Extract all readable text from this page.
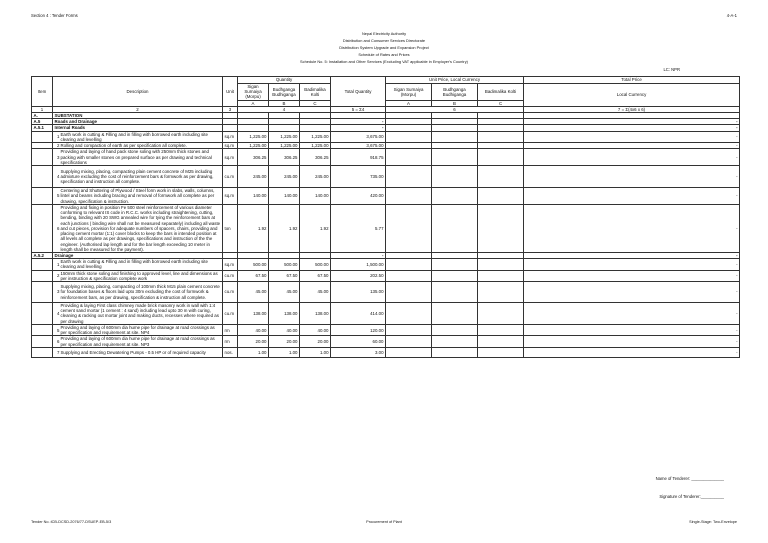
Section 4 : Tender Forms	4-A-1
Nepal Electricity Authority
Distribution and Consumer Services Directorate
Distribution System Upgrade and Expansion Project
Schedule of Rates and Prices
Schedule No. 5: Installation and Other Services (Excluding VAT applicable in Employer's Country)
LC: NPR
Item	Description	Unit	Quantity			Total Quantity	Unit Price, Local Currency			Total Price
			Sigan Surnaiya (Morpu)	Budhganga Budhiganga	Badimalika Kolti		Sigan Surnaiya (Morpu)	Budhganga Budhiganga	Badimalika Kolti	Local Currency
			A	B	C		A	B	C	
1	2	3	4			5 = Σ4	6			7 = Σ(4x6 x 6)
A.	SUBSTATION									
A.5	Roads and Drainage					-				-
A.5.1	Internal Roads					-				-
	1Earth work in cutting & Filling and in filling with borrowed earth including site clearing and levelling	sq.m	1,225.00	1,225.00	1,225.00	3,675.00				-
	2Rolling and compaction of earth as per specification all complete.	sq.m	1,225.00	1,225.00	1,225.00	3,675.00				-
	3Providing and laying of hand pack stone soling with 250mm thick stones and packing with smaller stones on prepared surface as per drawing and technical specifications	sq.m	306.25	306.25	306.25	918.75				-
	4Supplying mixing, placing, compacting plain cement concrete of M25 including admixture excluding the cost of reinforcement bars & formwork as per drawing, specification and instruction all complete.	cu.m	245.00	245.00	245.00	735.00				-
	5Centering and Shuttering of Plywood / Steel form work in slabs, walls, columns, lintel and beams including bracing and removal of formwork all complete as per drawing, specification & instruction.	sq.m	140.00	140.00	140.00	420.00				-
	6Providing and fixing in position Fe 500 steel reinforcement of various diameter conforming to relevant IS code in R.C.C. works including straightening, cutting, bending, binding with 20 SWG annealed wire for tying the reinforcement bars at each junctions ( binding wire shall not be measured separately) including all waste and cut pieces, provision for adequate numbers of spacers, chairs, providing and placing cement mortar (1:1) cover blocks to keep the bars in intended position at all levels all complete as per drawings, specifications and instruction of the the engineer. (Authorised lap length and for the bar length exceeding 10 meter in length shall be measured for the payment).	ton	1.92	1.92	1.92	5.77				-
A.5.2	Drainage					-				-
	1Earth work in cutting & Filling and in filling with borrowed earth including site clearing and levelling	sq.m	500.00	500.00	500.00	1,500.00				-
	2150mm thick stone soling and finishing to approved level, line and dimensions as per instruction & specification complete work	cu.m	67.50	67.50	67.50	202.50				-
	3Supplying mixing, placing, compacting of 100mm thick M15 plain cement concrete for foundation bases & floors laid upto 30m excluding the cost of formwork & reinforcement bars, as per drawing, specification & instruction all complete.	cu.m	45.00	45.00	45.00	135.00				-
	4Providing & laying First class chimney made brick masonry work in wall with 1:4 cement sand mortar (1 cement : 4 sand) including lead upto 30 m with curing, cleaning & racking out mortar joint and making ducts, recesses where required as per drawing	cu.m	138.00	138.00	138.00	414.00				-
	5Providing and laying of 600mm dia hume pipe for drainage at road crossings as per specification and requirement at site. NP4	rm	40.00	40.00	40.00	120.00				-
	6Providing and laying of 600mm dia hume pipe for drainage at road crossings as per specification and requirement at site. NP3	rm	20.00	20.00	20.00	60.00				-
	7Supplying and Erecting Dewatering Pumps - 0.5 HP or of required capacity	nos.	1.00	1.00	1.00	3.00				-
Name of Tenderer: ______________
Signature of Tenderer:__________
Tender No.:ICB-DCSD-2076/77-DSUEP-EB-5/3	Procurement of Plant	Single-Stage: Two-Envelope
